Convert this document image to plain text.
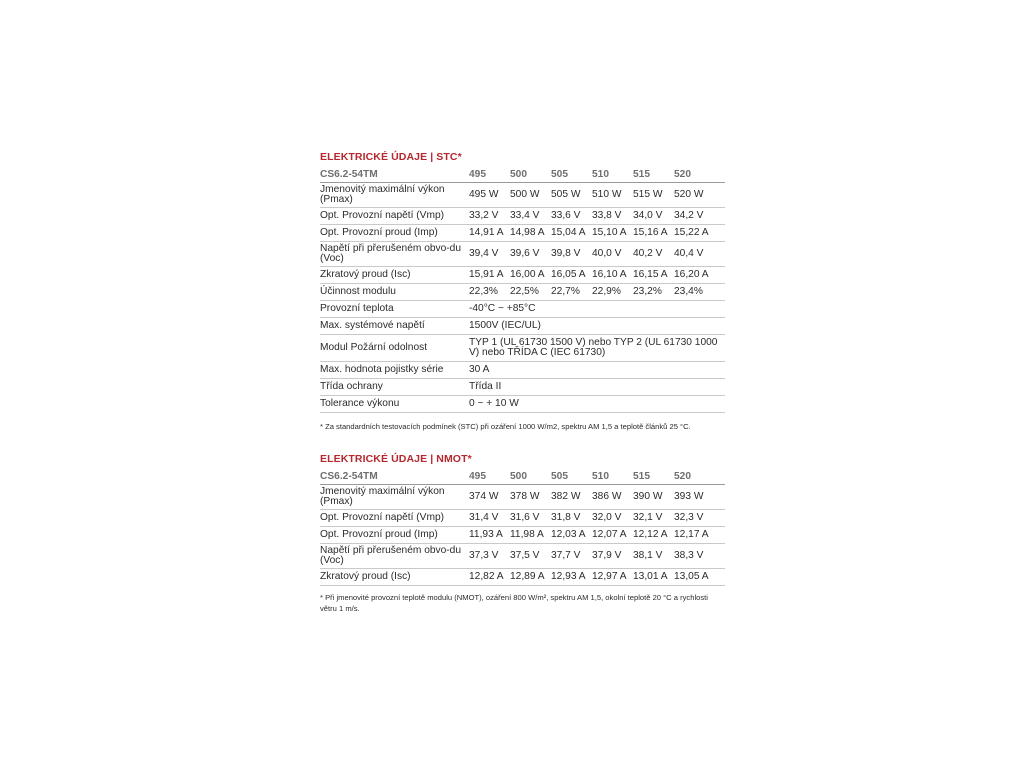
ELEKTRICKÉ ÚDAJE | STC*
CS6.2-54TM	495	500	505	510	515	520
Jmenovitý maximální výkon (Pmax)	495 W	500 W	505 W	510 W	515 W	520 W
Opt. Provozní napětí (Vmp)	33,2 V	33,4 V	33,6 V	33,8 V	34,0 V	34,2 V
Opt. Provozní proud (Imp)	14,91 A	14,98 A	15,04 A	15,10 A	15,16 A	15,22 A
Napětí při přerušeném obvo-du (Voc)	39,4 V	39,6 V	39,8 V	40,0 V	40,2 V	40,4 V
Zkratový proud (Isc)	15,91 A	16,00 A	16,05 A	16,10 A	16,15 A	16,20 A
Účinnost modulu	22,3%	22,5%	22,7%	22,9%	23,2%	23,4%
Provozní teplota	-40°C ~ +85°C					
Max. systémové napětí	1500V (IEC/UL)					
Modul Požární odolnost	TYP 1 (UL 61730 1500 V) nebo TYP 2 (UL 61730 1000 V) nebo TŘÍDA C (IEC 61730)					
Max. hodnota pojistky série	30 A					
Třída ochrany	Třída II					
Tolerance výkonu	0 ~ + 10 W					
* Za standardních testovacích podmínek (STC) při ozáření 1000 W/m2, spektru AM 1,5 a teplotě článků 25 °C.
ELEKTRICKÉ ÚDAJE | NMOT*
CS6.2-54TM	495	500	505	510	515	520
Jmenovitý maximální výkon (Pmax)	374 W	378 W	382 W	386 W	390 W	393 W
Opt. Provozní napětí (Vmp)	31,4 V	31,6 V	31,8 V	32,0 V	32,1 V	32,3 V
Opt. Provozní proud (Imp)	11,93 A	11,98 A	12,03 A	12,07 A	12,12 A	12,17 A
Napětí při přerušeném obvo-du (Voc)	37,3 V	37,5 V	37,7 V	37,9 V	38,1 V	38,3 V
Zkratový proud (Isc)	12,82 A	12,89 A	12,93 A	12,97 A	13,01 A	13,05 A
* Při jmenovité provozní teplotě modulu (NMOT), ozáření 800 W/m², spektru AM 1,5, okolní teplotě 20 °C a rychlosti větru 1 m/s.
